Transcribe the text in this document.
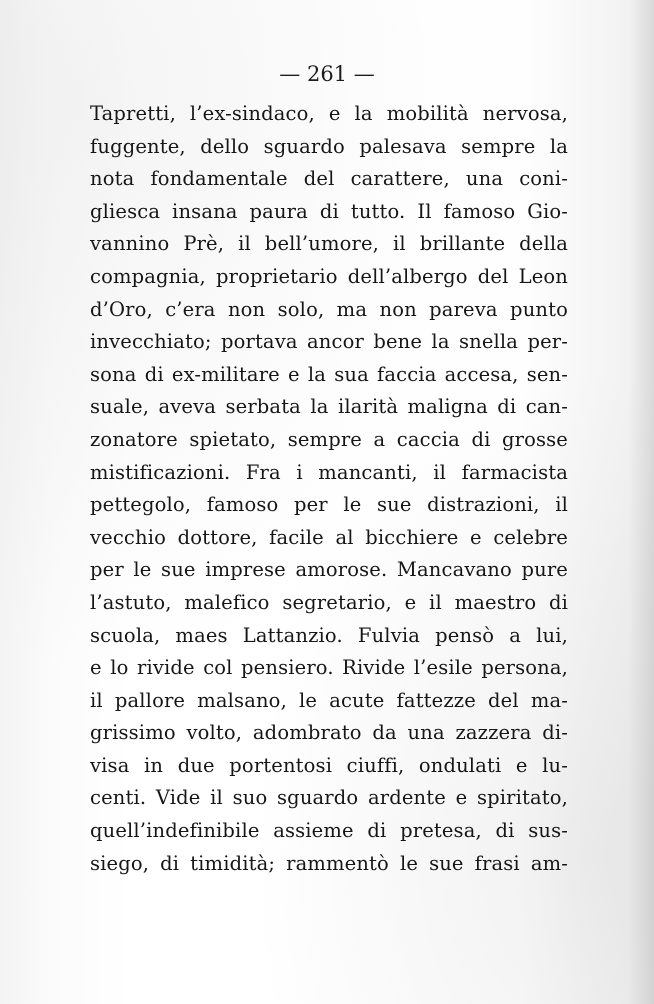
— 261 —
Tapretti, l’ex-sindaco, e la mobilità nervosa,
fuggente, dello sguardo palesava sempre la
nota fondamentale del carattere, una coni-
gliesca insana paura di tutto. Il famoso Gio-
vannino Prè, il bell’umore, il brillante della
compagnia, proprietario dell’albergo del Leon
d’Oro, c’era non solo, ma non pareva punto
invecchiato; portava ancor bene la snella per-
sona di ex-militare e la sua faccia accesa, sen-
suale, aveva serbata la ilarità maligna di can-
zonatore spietato, sempre a caccia di grosse
mistificazioni. Fra i mancanti, il farmacista
pettegolo, famoso per le sue distrazioni, il
vecchio dottore, facile al bicchiere e celebre
per le sue imprese amorose. Mancavano pure
l’astuto, malefico segretario, e il maestro di
scuola, maes Lattanzio. Fulvia pensò a lui,
e lo rivide col pensiero. Rivide l’esile persona,
il pallore malsano, le acute fattezze del ma-
grissimo volto, adombrato da una zazzera di-
visa in due portentosi ciuffi, ondulati e lu-
centi. Vide il suo sguardo ardente e spiritato,
quell’indefinibile assieme di pretesa, di sus-
siego, di timidità; rammentò le sue frasi am-
